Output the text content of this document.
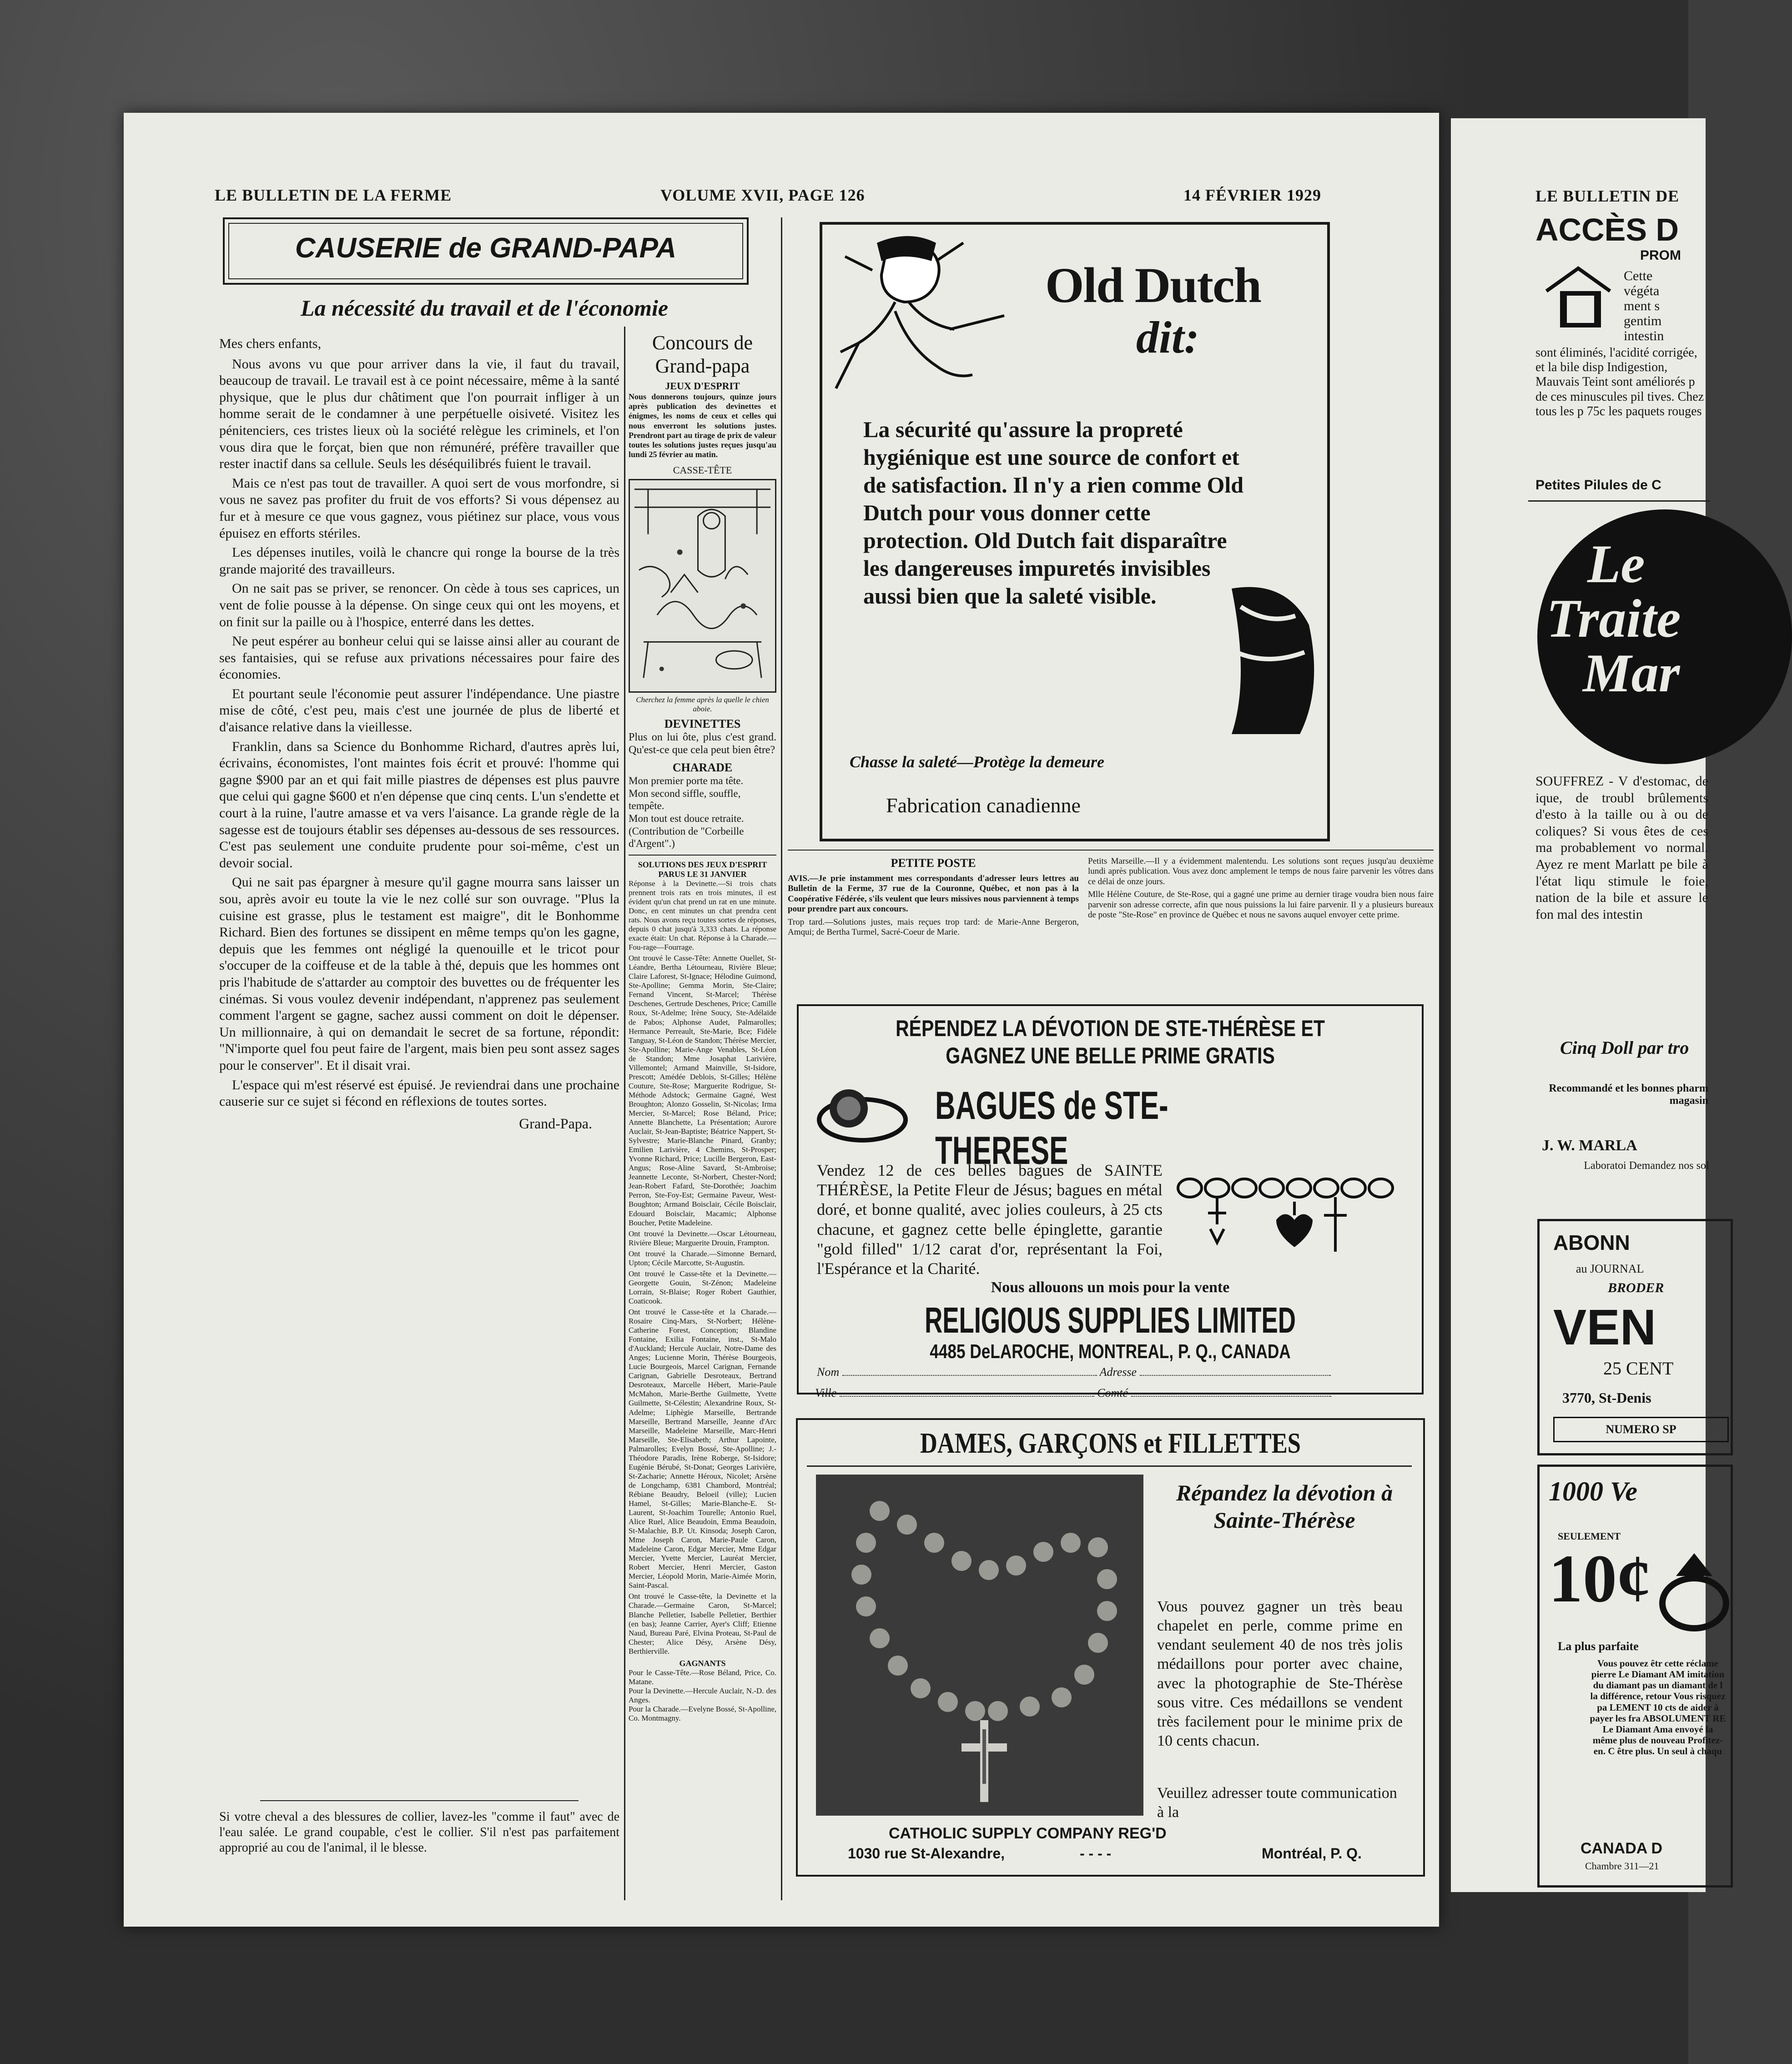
LE BULLETIN DE LA FERME	VOLUME XVII, PAGE 126	14 FÉVRIER 1929
CAUSERIE de GRAND-PAPA
La nécessité du travail et de l'économie
Mes chers enfants,

Nous avons vu que pour arriver dans la vie, il faut du travail, beaucoup de travail. Le travail est à ce point nécessaire, même à la santé physique, que le plus dur châtiment que l'on pourrait infliger à un homme serait de le condamner à une perpétuelle oisiveté. Visitez les pénitenciers, ces tristes lieux où la société relègue les criminels, et l'on vous dira que le forçat, bien que non rémunéré, préfère travailler que rester inactif dans sa cellule. Seuls les déséquilibrés fuient le travail.

Mais ce n'est pas tout de travailler. A quoi sert de vous morfondre, si vous ne savez pas profiter du fruit de vos efforts? Si vous dépensez au fur et à mesure ce que vous gagnez, vous piétinez sur place, vous vous épuisez en efforts stériles.

Les dépenses inutiles, voilà le chancre qui ronge la bourse de la très grande majorité des travailleurs.

On ne sait pas se priver, se renoncer. On cède à tous ses caprices, un vent de folie pousse à la dépense. On singe ceux qui ont les moyens, et on finit sur la paille ou à l'hospice, enterré dans les dettes.

Ne peut espérer au bonheur celui qui se laisse ainsi aller au courant de ses fantaisies, qui se refuse aux privations nécessaires pour faire des économies.

Et pourtant seule l'économie peut assurer l'indépendance. Une piastre mise de côté, c'est peu, mais c'est une journée de plus de liberté et d'aisance relative dans la vieillesse.

Franklin, dans sa Science du Bonhomme Richard, d'autres après lui, écrivains, économistes, l'ont maintes fois écrit et prouvé: l'homme qui gagne $900 par an et qui fait mille piastres de dépenses est plus pauvre que celui qui gagne $600 et n'en dépense que cinq cents. L'un s'endette et court à la ruine, l'autre amasse et va vers l'aisance. La grande règle de la sagesse est de toujours établir ses dépenses au-dessous de ses ressources. C'est pas seulement une conduite prudente pour soi-même, c'est un devoir social.

Qui ne sait pas épargner à mesure qu'il gagne mourra sans laisser un sou, après avoir eu toute la vie le nez collé sur son ouvrage. "Plus la cuisine est grasse, plus le testament est maigre", dit le Bonhomme Richard. Bien des fortunes se dissipent en même temps qu'on les gagne, depuis que les femmes ont négligé la quenouille et le tricot pour s'occuper de la coiffeuse et de la table à thé, depuis que les hommes ont pris l'habitude de s'attarder au comptoir des buvettes ou de fréquenter les cinémas. Si vous voulez devenir indépendant, n'apprenez pas seulement comment l'argent se gagne, sachez aussi comment on doit le dépenser. Un millionnaire, à qui on demandait le secret de sa fortune, répondit: "N'importe quel fou peut faire de l'argent, mais bien peu sont assez sages pour le conserver". Et il disait vrai.

L'espace qui m'est réservé est épuisé. Je reviendrai dans une prochaine causerie sur ce sujet si fécond en réflexions de toutes sortes.

Grand-Papa.
Si votre cheval a des blessures de collier, lavez-les "comme il faut" avec de l'eau salée. Le grand coupable, c'est le collier. S'il n'est pas parfaitement approprié au cou de l'animal, il le blesse.
Concours de Grand-papa
JEUX D'ESPRIT
Nous donnerons toujours, quinze jours après publication des devinettes et énigmes, les noms de ceux et celles qui nous enverront les solutions justes. Prendront part au tirage de prix de valeur toutes les solutions justes reçues jusqu'au lundi 25 février au matin.
CASSE-TÊTE
Cherchez la femme après la quelle le chien aboie.
DEVINETTES
Plus on lui ôte, plus c'est grand. Qu'est-ce que cela peut bien être?
CHARADE
Mon premier porte ma tête.
Mon second siffle, souffle, tempête.
Mon tout est douce retraite.
(Contribution de "Corbeille d'Argent".)
SOLUTIONS DES JEUX D'ESPRIT PARUS LE 31 JANVIER
Réponse à la Devinette.—Si trois chats prennent trois rats en trois minutes, il est évident qu'un chat prend un rat en une minute. Donc, en cent minutes un chat prendra cent rats. Nous avons reçu toutes sortes de réponses, depuis 0 chat jusqu'à 3,333 chats. La réponse exacte était: Un chat. Réponse à la Charade.—Fou-rage—Fourrage.
Ont trouvé le Casse-Tête: Annette Ouellet, St-Léandre, Bertha Létourneau, Rivière Bleue; Claire Laforest, St-Ignace; Hélodine Guimond, Ste-Apolline; Gemma Morin, Ste-Claire; Fernand Vincent, St-Marcel; Thérèse Deschenes, Gertrude Deschenes, Price; Camille Roux, St-Adelme; Irène Soucy, Ste-Adélaïde de Pabos; Alphonse Audet, Palmarolles; Hermance Perreault, Ste-Marie, Bce; Fidèle Tanguay, St-Léon de Standon; Thérèse Mercier, Ste-Apolline; Marie-Ange Venables, St-Léon de Standon; Mme Josaphat Larivière, Villemontel; Armand Mainville, St-Isidore, Prescott; Amédée Deblois, St-Gilles; Hélène Couture, Ste-Rose; Marguerite Rodrigue, St-Méthode Adstock; Germaine Gagné, West Broughton; Alonzo Gosselin, St-Nicolas; Irma Mercier, St-Marcel; Rose Béland, Price; Annette Blanchette, La Présentation; Aurore Auclair, St-Jean-Baptiste; Béatrice Nappert, St-Sylvestre; Marie-Blanche Pinard, Granby; Emilien Larivière, 4 Chemins, St-Prosper; Yvonne Richard, Price; Lucille Bergeron, East-Angus; Rose-Aline Savard, St-Ambroise; Jeannette Leconte, St-Norbert, Chester-Nord; Jean-Robert Fafard, Ste-Dorothée; Joachim Perron, Ste-Foy-Est; Germaine Paveur, West-Boughton; Armand Boisclair, Cécile Boisclair, Edouard Boisclair, Macamic; Alphonse Boucher, Petite Madeleine.
Ont trouvé la Devinette.—Oscar Létourneau, Rivière Bleue; Marguerite Drouin, Frampton.
Ont trouvé la Charade.—Simonne Bernard, Upton; Cécile Marcotte, St-Augustin.
Ont trouvé le Casse-tête et la Devinette.—Georgette Gouin, St-Zénon; Madeleine Lorrain, St-Blaise; Roger Robert Gauthier, Coaticook.
Ont trouvé le Casse-tête et la Charade.—Rosaire Cinq-Mars, St-Norbert; Hélène-Catherine Forest, Conception; Blandine Fontaine, Exilia Fontaine, inst., St-Malo d'Auckland; Hercule Auclair, Notre-Dame des Anges; Lucienne Morin, Thérèse Bourgeois, Lucie Bourgeois, Marcel Carignan, Fernande Carignan, Gabrielle Desroteaux, Bertrand Desroteaux, Marcelle Hébert, Marie-Paule McMahon, Marie-Berthe Guilmette, Yvette Guilmette, St-Célestin; Alexandrine Roux, St-Adelme; Liphègie Marseille, Bertrande Marseille, Bertrand Marseille, Jeanne d'Arc Marseille, Madeleine Marseille, Marc-Henri Marseille, Ste-Elisabeth; Arthur Lapointe, Palmarolles; Evelyn Bossé, Ste-Apolline; J.-Théodore Paradis, Irène Roberge, St-Isidore; Eugénie Bérubé, St-Donat; Georges Larivière, St-Zacharie; Annette Héroux, Nicolet; Arsène de Longchamp, 6381 Chambord, Montréal; Rébiane Beaudry, Beloeil (ville); Lucien Hamel, St-Gilles; Marie-Blanche-E. St-Laurent, St-Joachim Tourelle; Antonio Ruel, Alice Ruel, Alice Beaudoin, Emma Beaudoin, St-Malachie, B.P. Ut. Kinsoda; Joseph Caron, Mme Joseph Caron, Marie-Paule Caron, Madeleine Caron, Edgar Mercier, Mme Edgar Mercier, Yvette Mercier, Lauréat Mercier, Robert Mercier, Henri Mercier, Gaston Mercier, Léopold Morin, Marie-Aimée Morin, Saint-Pascal.
Ont trouvé le Casse-tête, la Devinette et la Charade.—Germaine Caron, St-Marcel; Blanche Pelletier, Isabelle Pelletier, Berthier (en bas); Jeanne Carrier, Ayer's Cliff; Etienne Naud, Bureau Paré, Elvina Proteau, St-Paul de Chester; Alice Désy, Arsène Désy, Berthierville.
GAGNANTS
Pour le Casse-Tête.—Rose Béland, Price, Co. Matane.
Pour la Devinette.—Hercule Auclair, N.-D. des Anges.
Pour la Charade.—Evelyne Bossé, St-Apolline, Co. Montmagny.
Old Dutch
dit:
La sécurité qu'assure la propreté hygiénique est une source de confort et de satisfaction. Il n'y a rien comme Old Dutch pour vous donner cette protection. Old Dutch fait disparaître les dangereuses impuretés invisibles aussi bien que la saleté visible.
Chasse la saleté—Protège la demeure
Fabrication canadienne
PETITE POSTE
AVIS.—Je prie instamment mes correspondants d'adresser leurs lettres au Bulletin de la Ferme, 37 rue de la Couronne, Québec, et non pas à la Coopérative Fédérée, s'ils veulent que leurs missives nous parviennent à temps pour prendre part aux concours.
Trop tard.—Solutions justes, mais reçues trop tard: de Marie-Anne Bergeron, Amqui; de Bertha Turmel, Sacré-Coeur de Marie.
Petits Marseille.—Il y a évidemment malentendu. Les solutions sont reçues jusqu'au deuxième lundi après publication. Vous avez donc amplement le temps de nous faire parvenir les vôtres dans ce délai de onze jours.
Mlle Hélène Couture, de Ste-Rose, qui a gagné une prime au dernier tirage voudra bien nous faire parvenir son adresse correcte, afin que nous puissions la lui faire parvenir. Il y a plusieurs bureaux de poste "Ste-Rose" en province de Québec et nous ne savons auquel envoyer cette prime.
RÉPENDEZ LA DÉVOTION DE STE-THÉRÈSE ET
GAGNEZ UNE BELLE PRIME GRATIS
BAGUES de STE-THERESE
Vendez 12 de ces belles bagues de SAINTE THÉRÈSE, la Petite Fleur de Jésus; bagues en métal doré, et bonne qualité, avec jolies couleurs, à 25 cts chacune, et gagnez cette belle épinglette, garantie "gold filled" 1/12 carat d'or, représentant la Foi, l'Espérance et la Charité.
Nous allouons un mois pour la vente
RELIGIOUS SUPPLIES LIMITED
4485 DeLAROCHE, MONTREAL, P. Q., CANADA
Nom	Adresse
Ville	Comté
DAMES, GARÇONS et FILLETTES
Répandez la dévotion à Sainte-Thérèse
Vous pouvez gagner un très beau chapelet en perle, comme prime en vendant seulement 40 de nos très jolis médaillons pour porter avec chaine, avec la photographie de Ste-Thérèse sous vitre. Ces médaillons se vendent très facilement pour le minime prix de 10 cents chacun.
Veuillez adresser toute communication à la
CATHOLIC SUPPLY COMPANY REG'D
1030 rue St-Alexandre,	- - - -	Montréal, P. Q.
LE BULLETIN DE
ACCÈS D
PROM
Cette
végéta
ment s
gentim
intestin
sont éliminés, l'acidité corrigée, et la bile disp Indigestion, Mauvais Teint sont améliorés p de ces minuscules pil tives. Chez tous les p 75c les paquets rouges
Petites Pilules de C
Le
Traite
Mar
SOUFFREZ - V d'estomac, de ique, de troubl brûlements d'esto à la taille ou à ou de coliques? Si vous êtes de ces ma probablement vo normal. Ayez re ment Marlatt pe bile à l'état liqu stimule le foie, nation de la bile et assure le fon mal des intestin
Cinq Doll par tro
Recommandé et les bonnes pharm magasin
J. W. MARLA
Laboratoi Demandez nos sol
ABONN
au JOURNAL
BRODER
VEN
25 CENT
3770, St-Denis
NUMERO SP
1000 Ve
SEULEMENT
10¢
La plus parfaite
Vous pouvez êtr cette réclame pierre Le Diamant AM imitation du diamant pas un diamant de l la différence, retour Vous risquez pa LEMENT 10 cts de aider à payer les fra ABSOLUMENT RE Le Diamant Ama envoyé la même plus de nouveau Profitez-en. C être plus. Un seul à chaqu
CANADA D
Chambre 311—21
